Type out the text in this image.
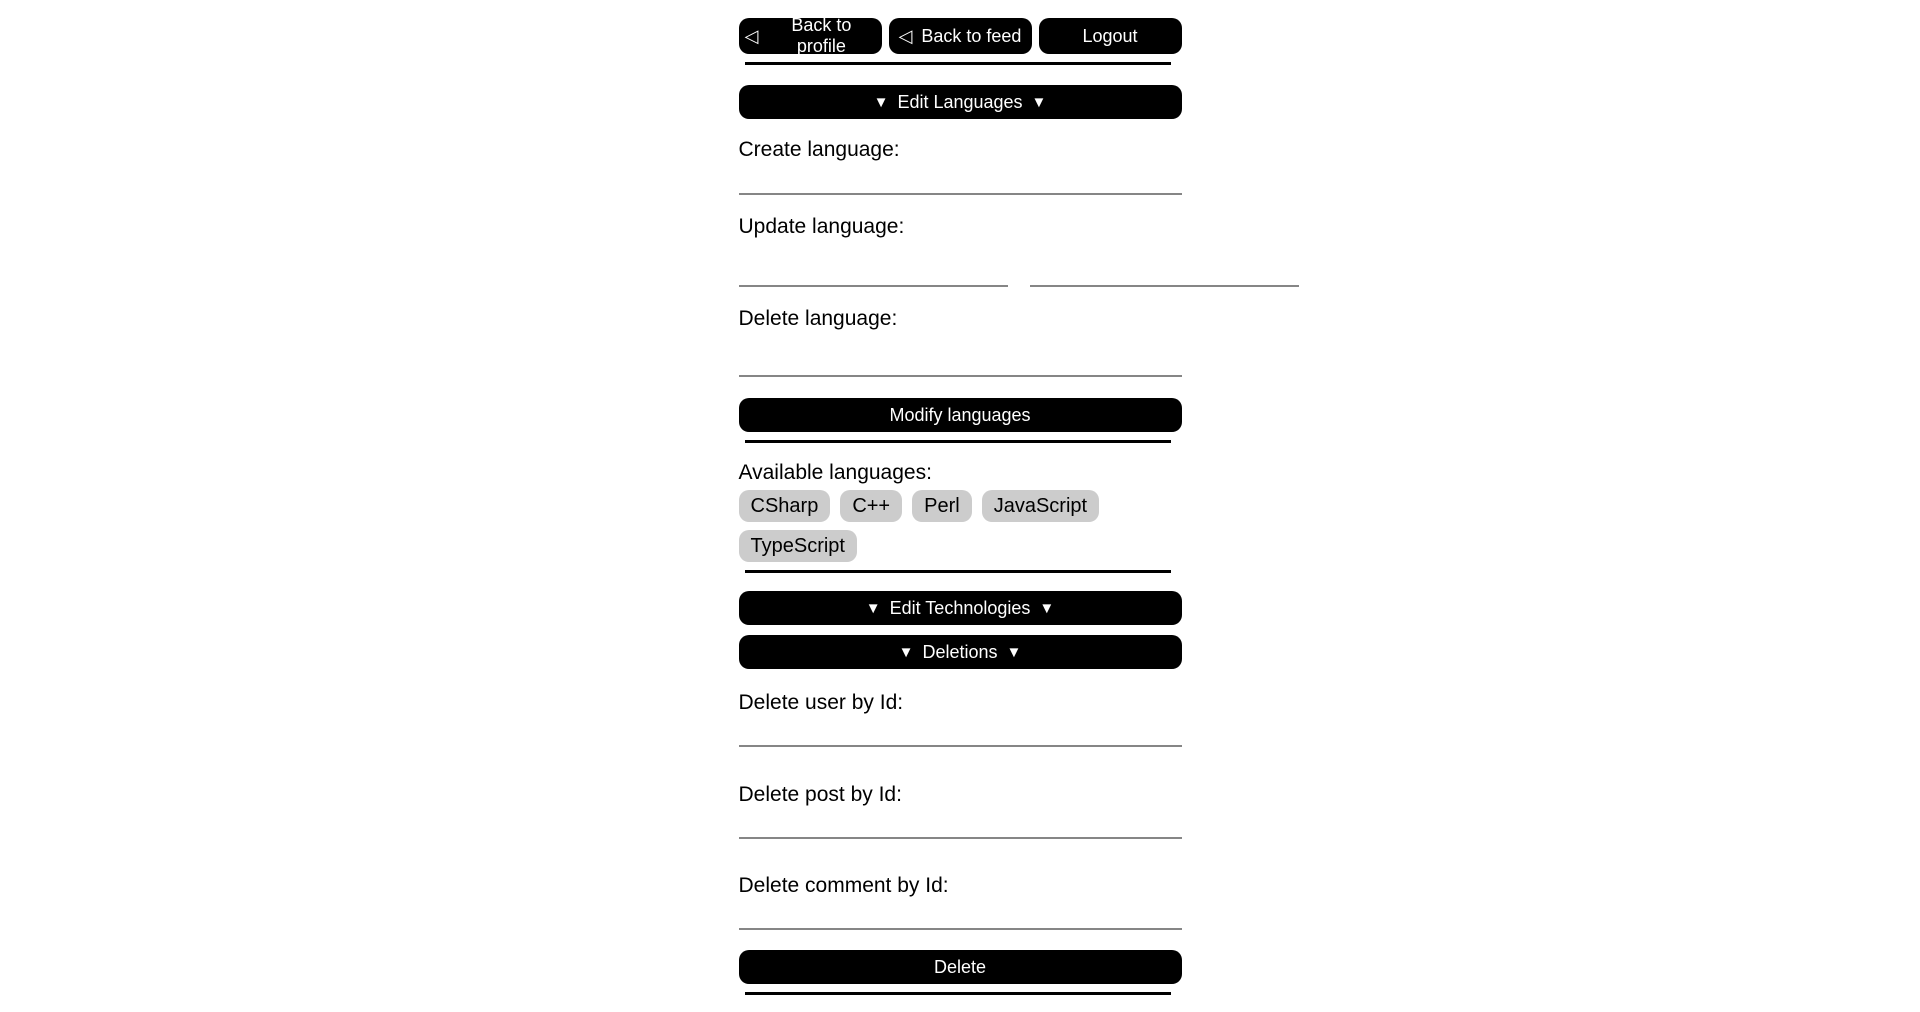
◁
Back to profile	◁ Back to feed	Logout
▼ Edit Languages ▼
Create language:
Update language:
Delete language:
Modify languages
Available languages:
CSharp	C++	Perl	JavaScript
TypeScript
▼ Edit Technologies ▼
▼ Deletions ▼
Delete user by Id:
Delete post by Id:
Delete comment by Id:
Delete
